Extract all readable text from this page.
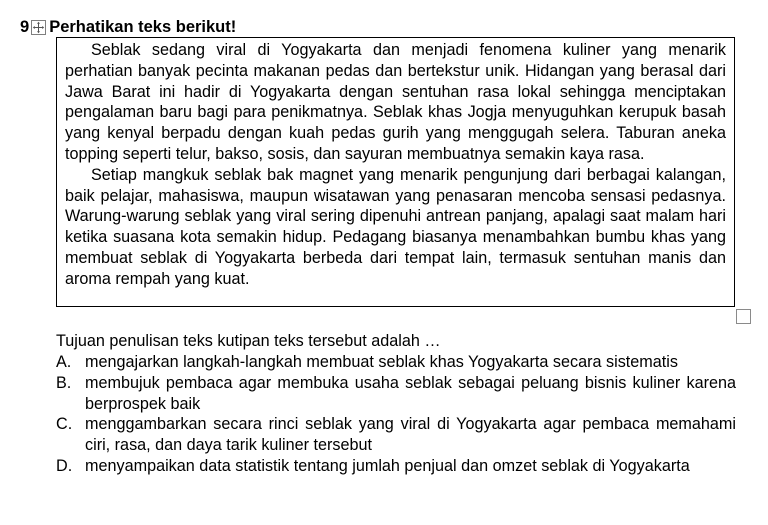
9 Perhatikan teks berikut!

Seblak sedang viral di Yogyakarta dan menjadi fenomena kuliner yang menarik perhatian banyak pecinta makanan pedas dan bertekstur unik. Hidangan yang berasal dari Jawa Barat ini hadir di Yogyakarta dengan sentuhan rasa lokal sehingga menciptakan pengalaman baru bagi para penikmatnya. Seblak khas Jogja menyuguhkan kerupuk basah yang kenyal berpadu dengan kuah pedas gurih yang menggugah selera. Taburan aneka topping seperti telur, bakso, sosis, dan sayuran membuatnya semakin kaya rasa.

Setiap mangkuk seblak bak magnet yang menarik pengunjung dari berbagai kalangan, baik pelajar, mahasiswa, maupun wisatawan yang penasaran mencoba sensasi pedasnya. Warung-warung seblak yang viral sering dipenuhi antrean panjang, apalagi saat malam hari ketika suasana kota semakin hidup. Pedagang biasanya menambahkan bumbu khas yang membuat seblak di Yogyakarta berbeda dari tempat lain, termasuk sentuhan manis dan aroma rempah yang kuat.

Tujuan penulisan teks kutipan teks tersebut adalah …
A. mengajarkan langkah-langkah membuat seblak khas Yogyakarta secara sistematis
B. membujuk pembaca agar membuka usaha seblak sebagai peluang bisnis kuliner karena berprospek baik
C. menggambarkan secara rinci seblak yang viral di Yogyakarta agar pembaca memahami ciri, rasa, dan daya tarik kuliner tersebut
D. menyampaikan data statistik tentang jumlah penjual dan omzet seblak di Yogyakarta
